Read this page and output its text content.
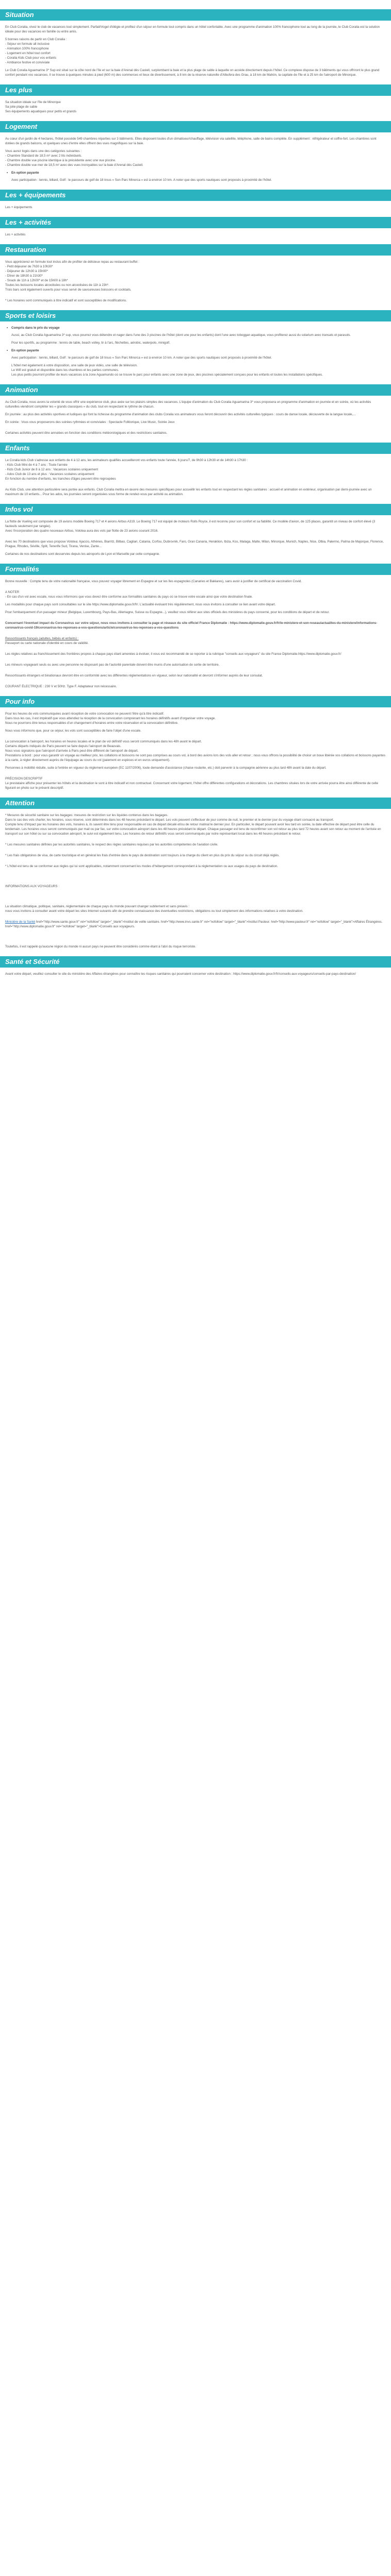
Situation

En Club Coralia, vivez le club de vacances tout simplement. Parfait/Vogel d'élégie et profitez d'un séjour en formule tout compris dans un hôtel confortable. Avec une programme d'animation 100% francophone tout au long de la journée, le Club Coralia est la solution idéale pour des vacances en famille ou entre amis.

5 bonnes raisons de partir en Club Coralia :
- Séjour en formule all inclusive
- Animation 100% francophone
- Logement en hôtel tout confort
- Coralia Kids Club pour vos enfants
- Ambiance festive et conviviale

Le Club Coralia Aguamarine 3* Sup est situé sur la côte nord de l'île et sur la baie d'Arenal dès Castell, surplombant la baie et la plus plage de sable à laquelle on accède directement depuis l'hôtel. Ce complexe dispose de 3 bâtiments qui vous offriront le plus grand confort pendant vos vacances. Il se trouve à quelques minutes à pied (600 m) des commerces et lieux de divertissement, à 8 km de la réserve naturelle d'Albufera des Grau, à 18 km de Mahón, la capitale de l'île et à 25 km de l'aéroport de Minorque.

Les plus
Sa situation idéale sur l'île de Minorque
Sa jolie plage de sable
Ses équipements aquatiques pour petits et grands
Logement

Au cœur d'un jardin de 4 hectares, l'hôtel possède 549 chambres réparties sur 3 bâtiments. Elles disposent toutes d'un climatiseur/chauffage, télévision via satellite, téléphone, salle de bains complète. En supplément : réfrigérateur et coffre-fort. Les chambres sont dotées de grands balcons, et quelques unes d'entre elles offrent des vues magnifiques sur la baie.

Vous aurez logés dans une des catégories suivantes :

- Chambre Standard de 18,5 m² avec 2 lits individuels.
- Chambre double vue piscine identique à la précédente avec une vue piscine.
- Chambre double vue mer de 18,5 m² avec des vues incroyables sur la baie d'Arenal dès Castell.
• En option payante

Avec participation : tennis, billard, Golf : le parcours de golf de 18 trous « Son Parc Minorca » est à environ 10 km. A noter que des sports nautiques sont proposés à proximité de l'hôtel.

Les + équipements

Les + équipements

Les + activités

Les + activités

Restauration

Vous apprécierez en formule tout inclus afin de profiter de délicieux repas au restaurant buffet :

- Petit déjeuner de 7h30 à 10h30*
- Déjeuner de 12h30 à 15h00*
- Dîner de 18h30 à 21h30*
- Snack de 11h à 12h00* et de 15h00 à 18h*
Toutes les boissons locales alcoolisées ou non alcoolisées de 11h à 23h*.
Trois bars sont également ouverts pour vous servir de savoureuses boissons et cocktails.

* Les horaires sont communiqués à titre indicatif et sont susceptibles de modifications.

Sports et loisirs
• Compris dans le prix du voyage

Aussi, au Club Coralia Aguamarina 3* sup, vous pourrez vous détendre et nager dans l'une des 3 piscines de l'hôtel (dont une pour les enfants) dont l'une avec toboggan aquatique, vous profiterez aussi du solarium avec transats et parasols.

Pour les sportifs, au programme : tennis de table, beach volley, tir à l'arc, fléchettes, aérobic, waterpolo, minigolf.

• En option payante

Avec participation : tennis, billard, Golf : le parcours de golf de 18 trous « Son Parc Minorca » est à environ 10 km. A noter que des sports nautiques sont proposés à proximité de l'hôtel.

L'hôtel met également à votre disposition, une salle de jeux vidéo, une salle de télévision.

Le Wifi est gratuit et disponible dans les chambres et les parties communes.

Les plus petits pourront profiter de leurs vacances à la zone Aguamundo où se trouve le parc pour enfants avec une zone de jeux, des piscines spécialement conçues pour les enfants et toutes les installations spécifiques.

Animation

Au Club Coralia, nous avons la volonté de vous offrir une expérience club, plus axée sur les plaisirs simples des vacances. L'équipe d'animation du Club Coralia Aguamarina 3* vous proposera un programme d'animation en journée et en soirée, où les activités culturelles viendront compléter les « grands classiques » du club, tout en respectant le rythme de chacun.

En journée : au plus des activités sportives et ludiques qui font la richesse du programme d'animation des clubs Coralia vos animateurs vous feront découvrir des activités culturelles typiques : cours de danse locale, découverte de la langue locale,...

En soirée : Vous vous proposerons des soirées rythmées et conviviales : Spectacle Folklorique, Live Music, Soirée Jeux

Certaines activités peuvent être annulées en fonction des conditions météorologiques et des restrictions sanitaires.

Enfants

Le Coralia kids Club s'adresse aux enfants de 4 à 12 ans, les animateurs qualifiés accueilleront vos enfants toute l'année, 6 jours/7, de 9h30 à 12h30 et de 14h30 à 17h30 :

- Kids Club Mini de 4 à 7 ans : Toute l'année
- Kids Club Junior de 8 à 12 ans : Vacances scolaires uniquement
- Ados Club de 13 ans et plus : Vacances scolaires uniquement
En fonction du nombre d'enfants, les tranches d'âges peuvent être regroupées

Au Kids Club, une attention particulière sera portée aux enfants. Club Coralia mettra en œuvre des mesures spécifiques pour accueillir les enfants tout en respectant les règles sanitaires : accueil et animation en extérieur, organisation par demi-journée avec un maximum de 10 enfants... Pour les ados, les journées seront organisées sous forme de rendez-vous par activité ou animation.

Infos vol

La flotte de Vueling est composée de 19 avions modèle Boeing 717 et 4 avions Airbus A319. Le Boeing 717 est équipé de moteurs Rolls Royce, il est reconnu pour son confort et sa fiabilité. Ce modèle d'avion, de 125 places, garantit un niveau de confort élevé (3 fauteuils seulement par rangée).

Avec l'incorporation des quatre nouveaux Airbus, Volotea aura des vols par flotte de 23 avions courant 2016.

Avec les 70 destinations que vous propose Volotea: Ajaccio, Athènes, Biarritz, Bilbao, Cagliari, Catania, Corfou, Dubrovnik, Faro, Gran Canaria, Heraklion, Ibiza, Kos, Malaga, Malte, Milan, Minorque, Munich, Naples, Nice, Olbia, Palermo, Palma de Majorque, Florence, Prague, Rhodes, Séville, Split, Tenerife Sud, Tirana, Venise, Zante...

Certaines de nos destinations sont desservies depuis les aéroports de Lyon et Marseille par cette compagnie.

Formalités

Bonne nouvelle : Compte tenu de votre nationalité française, vous pouvez voyager librement en Espagne et sur les îles espagnoles (Canaries et Baléares), sans avoir à justifier de certificat de vaccination Covid.

A NOTER

- En cas d'un vol avec escale, nous vous informons que vous devez être conforme aux formalités sanitaires du pays où se trouve votre escale ainsi que votre destination finale.

Les modalités pour chaque pays sont consultables sur le site https://www.diplomatie.gouv.fr/fr/. L'actualité évoluant très régulièrement, nous vous invitons à consulter ce lien avant votre départ.

Pour l'embarquement d'un passager mineur (Belgique, Luxembourg, Pays-Bas, Allemagne, Suisse ou Espagne...), veuillez vous référer aux sites officiels des ministères du pays concerné, pour les conditions de départ et de retour.

Concernant l'éventuel impact du Coronavirus sur votre séjour, nous vous invitons à consulter la page et réseaux du site officiel France Diplomatie : https://www.diplomatie.gouv.fr/fr/le-ministere-et-son-reseau/actualites-du-ministere/informations-coronavirus-covid-19/coronavirus-les-reponses-a-vos-questions/article/coronavirus-les-reponses-a-vos-questions

Ressortissants français (adultes, bébés et enfants) :

Passeport ou carte nationale d'identité en cours de validité.

Les règles relatives au franchissement des frontières propres à chaque pays étant amenées à évoluer, il vous est recommandé de se reporter à la rubrique "conseils aux voyageurs" du site France Diplomatie.https://www.diplomatie.gouv.fr/

Les mineurs voyageant seuls ou avec une personne ne disposant pas de l'autorité parentale doivent être munis d'une autorisation de sortie de territoire.

Ressortissants étrangers et binationaux devront être en conformité avec les différentes réglementations en vigueur, selon leur nationalité et devront s'informer auprès de leur consulat.

COURANT ÉLECTRIQUE : 230 V et 50Hz. Type F. Adaptateur non nécessaire.

Pour info

Pour les heures de vols communiquées avant réception de votre convocation ne peuvent l'être qu'à titre indicatif.

Dans tous les cas, il est impératif que vous attendiez la réception de la convocation comprenant les horaires définitifs avant d'organiser votre voyage.

Nous ne pourrions être tenus responsables d'un changement d'horaires entre votre réservation et la convocation définitive.

Nous vous informons que, pour ce séjour, les vols sont susceptibles de faire l'objet d'une escale.

La convocation à l'aéroport, les horaires en heures locales et le plan de vol définitif vous seront communiqués dans les 48h avant le départ.

Certains départs indiqués de Paris peuvent se faire depuis l'aéroport de Beauvais.

Nous vous signalons que l'aéroport d'arrivée à Paris peut être différent de l'aéroport de départ.

Prestations à bord : pour vous garantir un voyage au meilleur prix, les collations et boissons ne sont pas comprises au cours vol, à bord des avions lors des vols aller et retour ; nous vous offrons la possibilité de choisir un boue libérée vos collations et boissons payantes à la carte, à régler directement auprès de l'équipage au cours du vol (paiement en espèces et en euros uniquement).

Personnes à mobilité réduite, suite à l'entrée en vigueur du règlement européen (EC 1107/2006), toute demande d'assistance (chaise roulante, etc.) doit parvenir à la compagnie aérienne au plus tard 48h avant la date du départ.

PRÉCISION DESCRIPTIF

Le prestataire affiche pour présenter les hôtels et la destination le sont à titre indicatif et non contractuel. Concernant votre logement, l'hôtel offre différentes configurations et décorations. Les chambres situées lors de votre arrivée pourra être ainsi différente de celle figurant en photo sur le présent descriptif.

Attention

* Mesures de sécurité sanitaire sur les bagages: mesures de restriction sur les liquides contenus dans les bagages.

Dans le cas des vols charter, les horaires, sous réserve, sont déterminés dans les 48 heures précédant le départ. Les vols peuvent s'effectuer de jour comme de nuit, le premier et le dernier jour du voyage étant consacré au transport.

Compte tenu d'impact par les horaires des vols, horaires à, ils savent être ténu pour responsable en cas de départ décalé et/ou de retour matinal le dernier jour. En particulier, le départ pouvant avoir lieu tard en soirée, la date effective de départ peut être celle du lendemain. Les horaires vous seront communiqués par mail ou par fax, sur votre convocation aéroport dans les 48 heures précédant le départ. Chaque passager est tenu de reconfirmer son vol retour au plus tard 72 heures avant son retour au moment de l'arrivée en transport sur son hôtel ou sur sa convocation aéroport, le suivi est également tenu, Les horaires de retour définitifs vous seront communiqués par notre représentant local dans les 48 heures précédant le retour.

* Les mesures sanitaires définies par les autorités sanitaires, le respect des règles sanitaires requises par les autorités compétentes de l'aviation civile.

* Les frais obligatoires de visa, de carte touristique et en général les frais d'entrée dans le pays de destination sont toujours à la charge du client en plus du prix du séjour ou du circuit déjà réglés.

* L'hôtel est tenu de se conformer aux règles qui lui sont applicables, notamment concernant les modes d'hébergement correspondant à la réglementation ou aux usages du pays de destination.

INFORMATIONS AUX VOYAGEURS :

La situation climatique, politique, sanitaire, réglementaire de chaque pays du monde pouvant changer subitement et sans préavis :

nous vous invitons à consulter avant votre départ les sites Internet suivants afin de prendre connaissance des éventuelles restrictions, obligations ou tout simplement des informations relatives à votre destination.

Ministère de la Santé href="http://www.sante.gouv.fr" rel="nofollow" target="_blank">Institut de veille sanitaire. href="http://www.invs.sante.fr" rel="nofollow" target="_blank">Institut Pasteur. href="http://www.pasteur.fr" rel="nofollow" target="_blank">Affaires Étrangères. href="http://www.diplomatie.gouv.fr" rel="nofollow" target="_blank">Conseils aux voyageurs.

Toutefois, il est rappelé qu'aucune région du monde ni aucun pays ne peuvent être considérés comme étant à l'abri du risque terroriste.

Santé et Sécurité

Avant votre départ, veuillez consulter le site du ministère des Affaires étrangères pour connaître les risques sanitaires qui pourraient concerner votre destination : https://www.diplomatie.gouv.fr/fr/conseils-aux-voyageurs/conseils-par-pays-destination/
